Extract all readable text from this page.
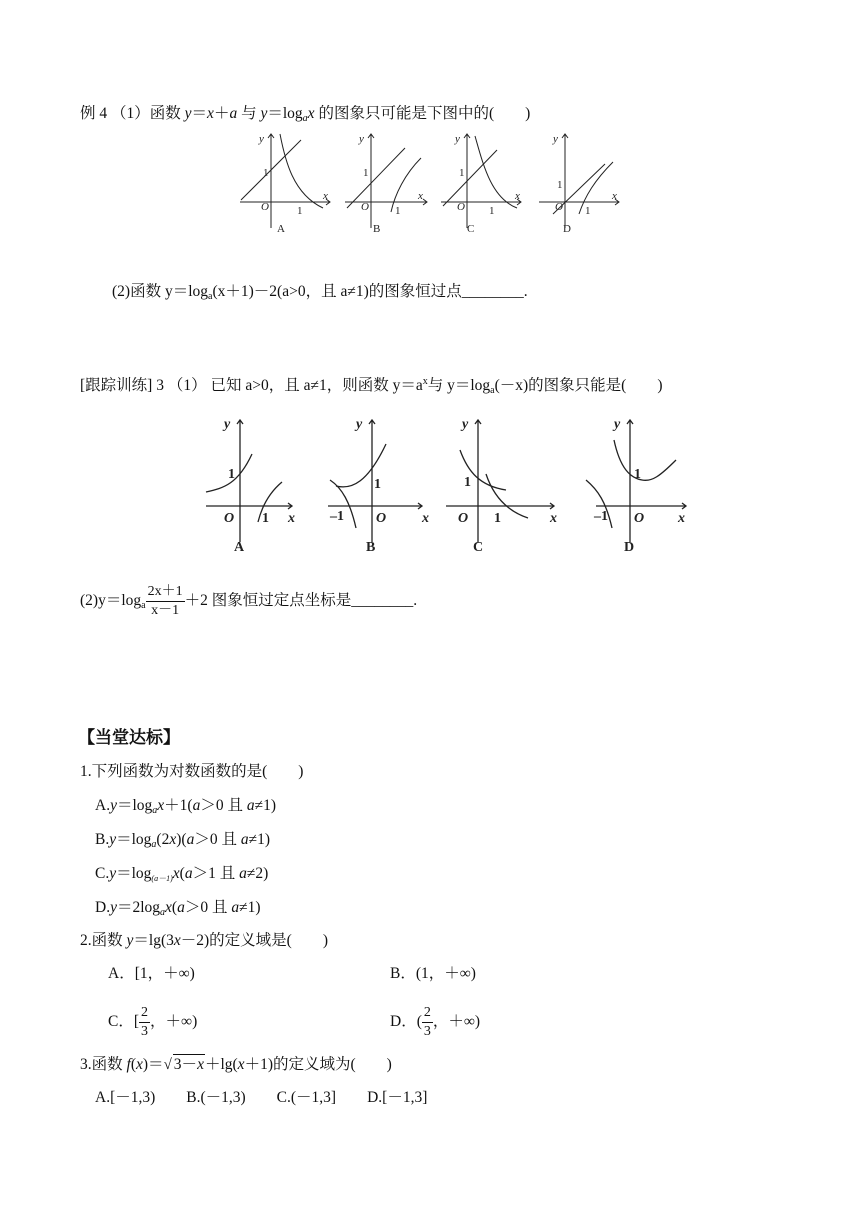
例 4 （1）函数 y＝x＋a 与 $y=\log_ax$ 的图象只可能是下图中的(　　)
y
x
y
x
y
x
y
x
O	O	O	O
1
1
1
1
1
1
1
1
A	B	C	D
(2)函数 $y=\log_a(x+1)-2(a>0$，且 a≠1)的图象恒过点________.
[跟踪训练] 3 （1） 已知 a>0，且 a≠1，则函数 $y=a^x$与 $y=\log_a(-x)$的图象只能是(　　)
y
x
O
y
x
O
y
x
O
y
x
O
1
1
1
–1
1
1
1
–1
A	B	C	D
$(2)y=\log_a \frac{2x+1}{x-1} +2$ 图象恒过定点坐标是________.
【当堂达标】
1.下列函数为对数函数的是(　　)
$A.y=\log_ax+1(a>0$ 且 a≠1)
$B.y=\log_a(2x)(a>0$ 且 a≠1)
$C.y=\log_{(a-1)}x(a>1$ 且 a≠2)
$D.y=2\log_ax(a>0$ 且 a≠1)
2.函数 y＝lg(3x－2)的定义域是(　　)
A．[1，＋∞)	B．(1，＋∞)
C．[ $\frac{2}{3}$ ，＋∞)	D．( $\frac{2}{3}$ ，＋∞)
3.函数 f(x)＝√ 3－x＋lg(x＋1)的定义域为(　　)
A.[－1,3)　　B.(－1,3)　　C.(－1,3]　　D.[－1,3]
